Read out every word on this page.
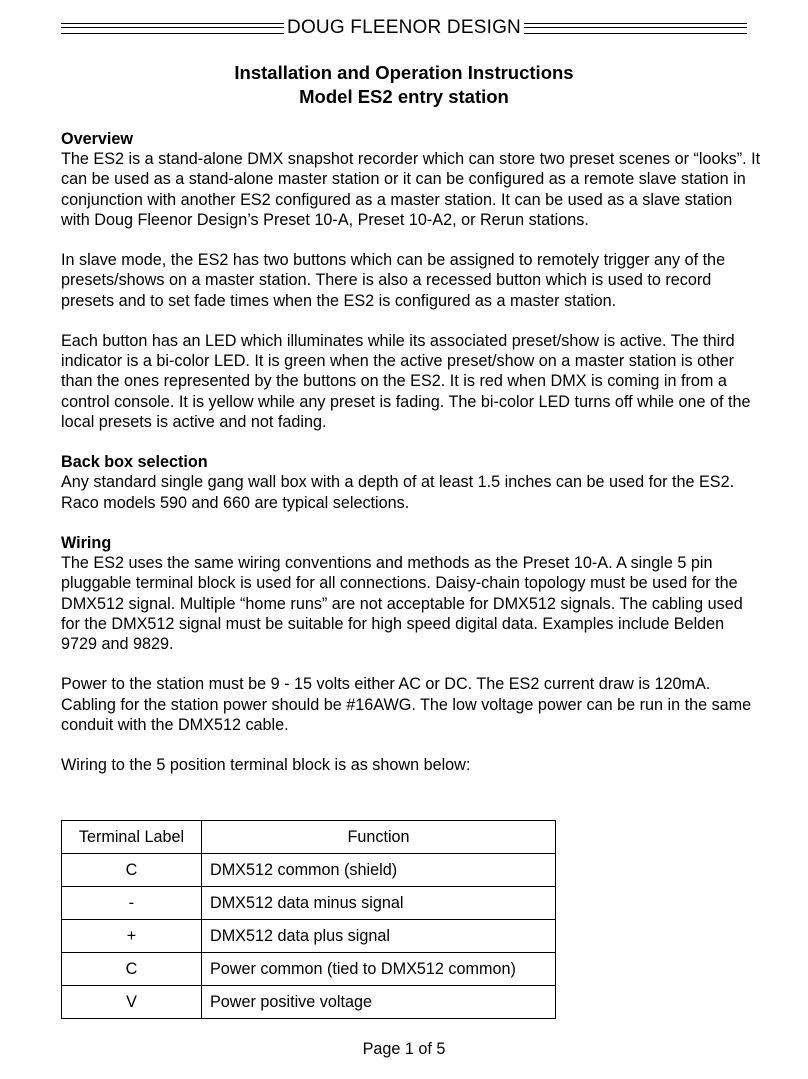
DOUG FLEENOR DESIGN
Installation and Operation Instructions
Model ES2 entry station
Overview

The ES2 is a stand-alone DMX snapshot recorder which can store two preset scenes or “looks”. It can be used as a stand-alone master station or it can be configured as a remote slave station in conjunction with another ES2 configured as a master station. It can be used as a slave station with Doug Fleenor Design’s Preset 10-A, Preset 10-A2, or Rerun stations.

In slave mode, the ES2 has two buttons which can be assigned to remotely trigger any of the presets/shows on a master station. There is also a recessed button which is used to record presets and to set fade times when the ES2 is configured as a master station.

Each button has an LED which illuminates while its associated preset/show is active. The third indicator is a bi-color LED. It is green when the active preset/show on a master station is other than the ones represented by the buttons on the ES2. It is red when DMX is coming in from a control console. It is yellow while any preset is fading. The bi-color LED turns off while one of the local presets is active and not fading.

Back box selection

Any standard single gang wall box with a depth of at least 1.5 inches can be used for the ES2. Raco models 590 and 660 are typical selections.

Wiring

The ES2 uses the same wiring conventions and methods as the Preset 10-A. A single 5 pin pluggable terminal block is used for all connections. Daisy-chain topology must be used for the DMX512 signal. Multiple “home runs” are not acceptable for DMX512 signals. The cabling used for the DMX512 signal must be suitable for high speed digital data. Examples include Belden 9729 and 9829.

Power to the station must be 9 - 15 volts either AC or DC. The ES2 current draw is 120mA. Cabling for the station power should be #16AWG. The low voltage power can be run in the same conduit with the DMX512 cable.

Wiring to the 5 position terminal block is as shown below:

Terminal Label	Function
C	DMX512 common (shield)
-	DMX512 data minus signal
+	DMX512 data plus signal
C	Power common (tied to DMX512 common)
V	Power positive voltage
Page 1 of 5
